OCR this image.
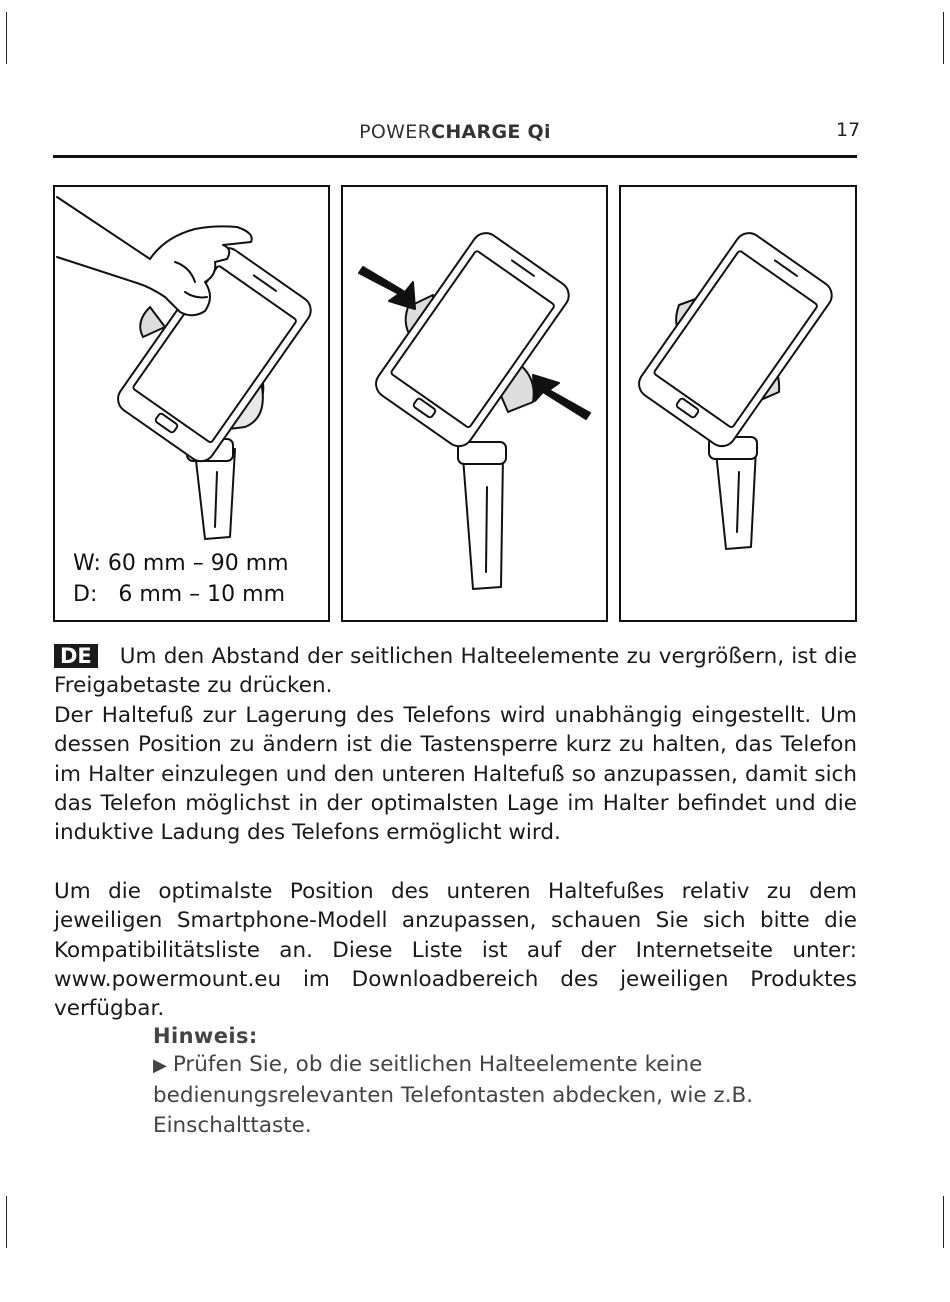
POWERCHARGE Qi	17
W: 60 mm – 90 mm
D:   6 mm – 10 mm

DE Um den Abstand der seitlichen Halteelemente zu vergrößern, ist die Freigabetaste zu drücken.

Der Haltefuß zur Lagerung des Telefons wird unabhängig eingestellt. Um dessen Position zu ändern ist die Tastensperre kurz zu halten, das Telefon im Halter einzulegen und den unteren Haltefuß so anzupassen, damit sich das Telefon möglichst in der optimalsten Lage im Halter befindet und die induktive Ladung des Telefons ermöglicht wird.

Um die optimalste Position des unteren Haltefußes relativ zu dem jeweiligen Smartphone-Modell anzupassen, schauen Sie sich bitte die Kompatibilitätsliste an. Diese Liste ist auf der Internetseite unter: www.powermount.eu im Downloadbereich des jeweiligen Produktes verfügbar.

Hinweis:
▶ Prüfen Sie, ob die seitlichen Halteelemente keine bedienungsrelevanten Telefontasten abdecken, wie z.B. Einschalttaste.
